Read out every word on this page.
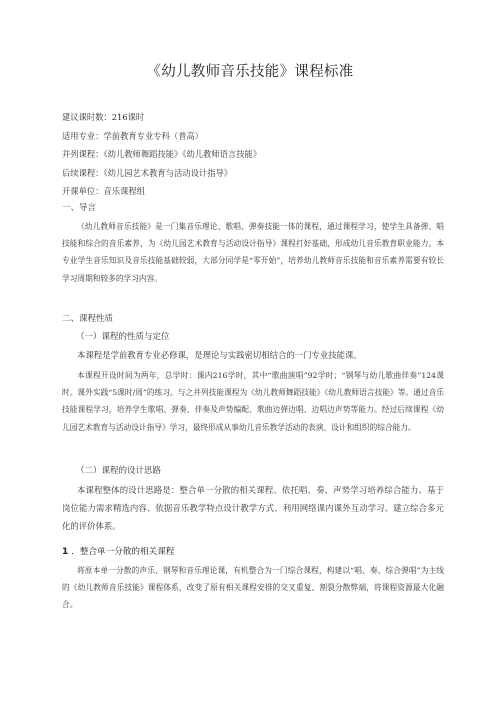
《幼儿教师音乐技能》课程标准
建议课时数：216课时
适用专业：学前教育专业专科（普高）
并列课程：《幼儿教师舞蹈技能》《幼儿教师语言技能》
后续课程：《幼儿园艺术教育与活动设计指导》
开课单位：音乐课程组
一、导言

《幼儿教师音乐技能》是一门集音乐理论、歌唱、弹奏技能一体的课程，通过课程学习，使学生具备弹、唱技能和综合的音乐素养，为《幼儿园艺术教育与活动设计指导》课程打好基础，形成幼儿音乐教育职业能力。本专业学生音乐知识及音乐技能基础较弱，大部分同学是“零开始”，培养幼儿教师音乐技能和音乐素养需要有较长学习周期和较多的学习内容。

二、课程性质
（一）课程的性质与定位

本课程是学前教育专业必修课，是理论与实践密切相结合的一门专业技能课。

本课程开设时间为两年，总学时：课内216学时，其中“歌曲演唱”92学时；“钢琴与幼儿歌曲伴奏”124课时。课外实践“5课时/周”的练习。与之并列技能课程为《幼儿教师舞蹈技能》《幼儿教师语言技能》等。通过音乐技能课程学习，培养学生歌唱、弹奏、伴奏及声势编配、歌曲边弹边唱、边唱边声势等能力。经过后续课程《幼儿园艺术教育与活动设计指导》学习，最终形成从事幼儿音乐教学活动的表演、设计和组织的综合能力。

（二）课程的设计思路

本课程整体的设计思路是：整合单一分散的相关课程、依托唱、奏、声势学习培养综合能力、基于岗位能力需求精选内容、依据音乐教学特点设计教学方式、利用网络课内课外互动学习、建立综合多元化的评价体系。

1 ．整合单一分散的相关课程

将原本单一分散的声乐、钢琴和音乐理论课，有机整合为一门综合课程，构建以“唱、奏、综合弹唱”为主线的《幼儿教师音乐技能》课程体系，改变了原有相关课程安排的交叉重复、割裂分散弊端，将课程资源最大化融合。
